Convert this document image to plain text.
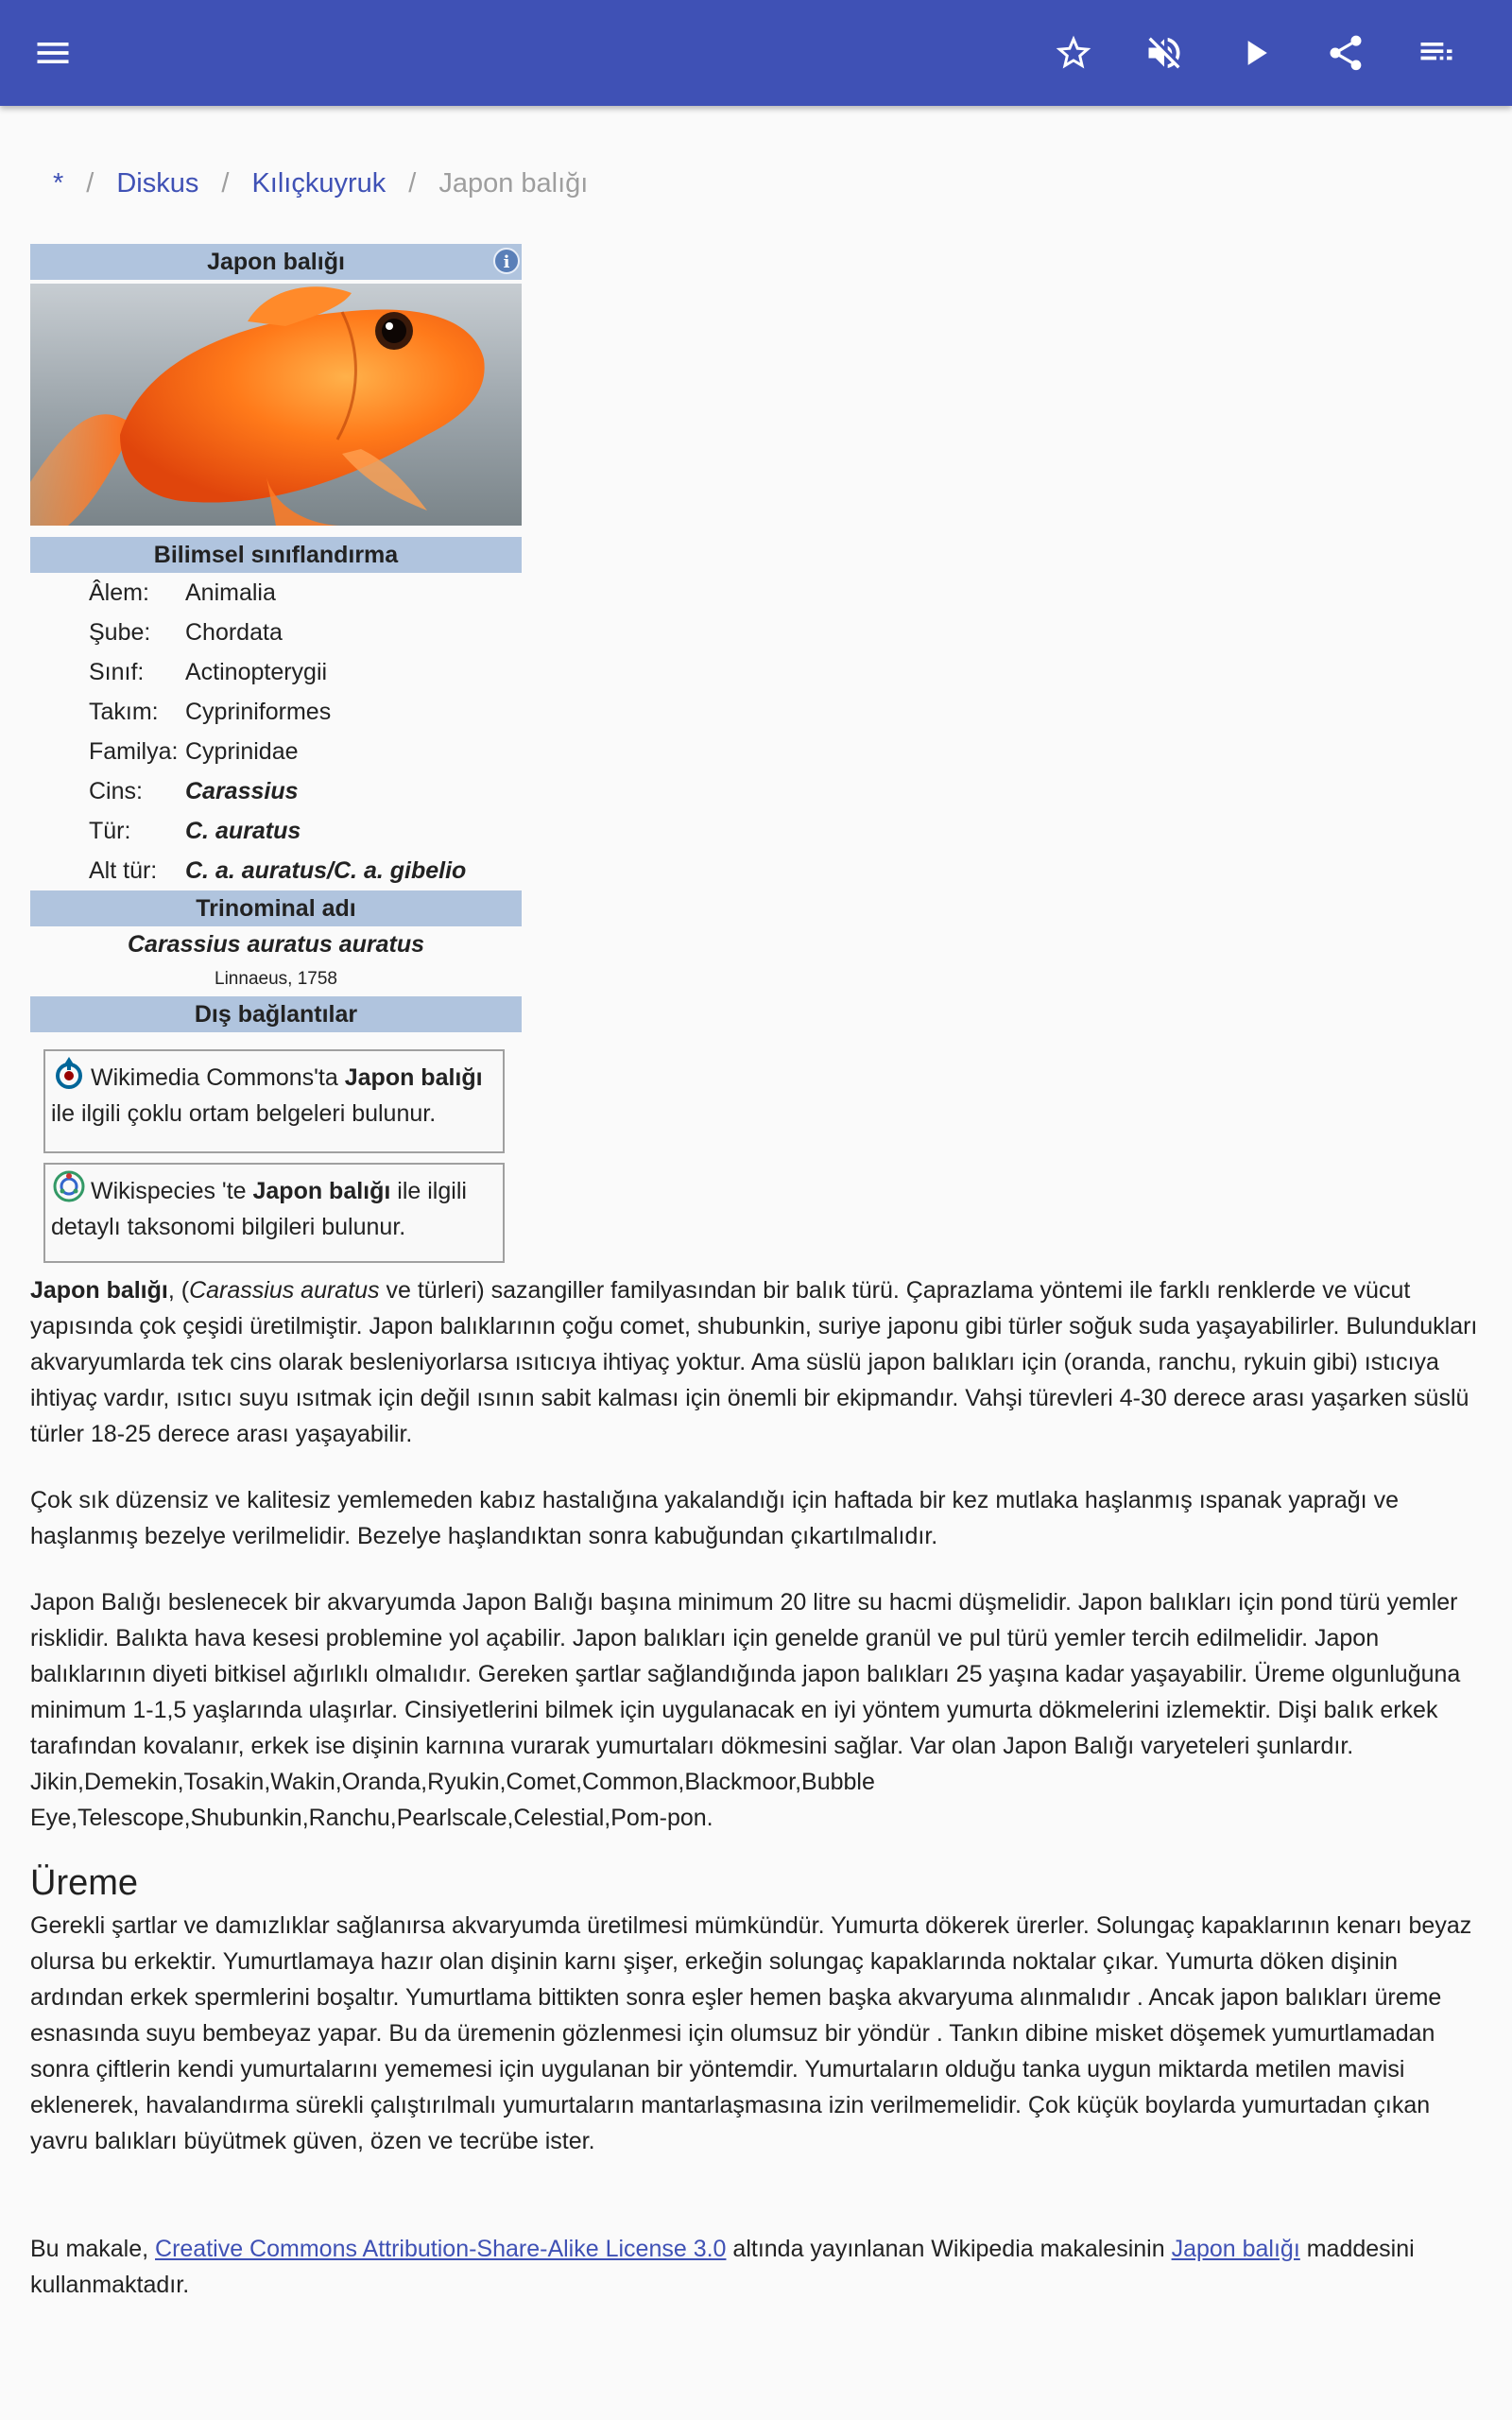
* / Diskus / Kılıçkuyruk / Japon balığı
Japon balığı	i
Bilimsel sınıflandırma
Âlem:	Animalia
Şube:	Chordata
Sınıf:	Actinopterygii
Takım:	Cypriniformes
Familya: Cyprinidae
Cins:	Carassius
Tür:	C. auratus
Alt tür:	C. a. auratus/C. a. gibelio
Trinominal adı
Carassius auratus auratus
Linnaeus, 1758
Dış bağlantılar
Wikimedia Commons'ta Japon balığı ile ilgili çoklu ortam belgeleri bulunur.
Wikispecies 'te Japon balığı ile ilgili detaylı taksonomi bilgileri bulunur.

Japon balığı, (Carassius auratus ve türleri) sazangiller familyasından bir balık türü. Çaprazlama yöntemi ile farklı renklerde ve vücut yapısında çok çeşidi üretilmiştir. Japon balıklarının çoğu comet, shubunkin, suriye japonu gibi türler soğuk suda yaşayabilirler. Bulundukları akvaryumlarda tek cins olarak besleniyorlarsa ısıtıcıya ihtiyaç yoktur. Ama süslü japon balıkları için (oranda, ranchu, rykuin gibi) ıstıcıya ihtiyaç vardır, ısıtıcı suyu ısıtmak için değil ısının sabit kalması için önemli bir ekipmandır. Vahşi türevleri 4-30 derece arası yaşarken süslü türler 18-25 derece arası yaşayabilir.

Çok sık düzensiz ve kalitesiz yemlemeden kabız hastalığına yakalandığı için haftada bir kez mutlaka haşlanmış ıspanak yaprağı ve haşlanmış bezelye verilmelidir. Bezelye haşlandıktan sonra kabuğundan çıkartılmalıdır.

Japon Balığı beslenecek bir akvaryumda Japon Balığı başına minimum 20 litre su hacmi düşmelidir. Japon balıkları için pond türü yemler risklidir. Balıkta hava kesesi problemine yol açabilir. Japon balıkları için genelde granül ve pul türü yemler tercih edilmelidir. Japon balıklarının diyeti bitkisel ağırlıklı olmalıdır. Gereken şartlar sağlandığında japon balıkları 25 yaşına kadar yaşayabilir. Üreme olgunluğuna minimum 1-1,5 yaşlarında ulaşırlar. Cinsiyetlerini bilmek için uygulanacak en iyi yöntem yumurta dökmelerini izlemektir. Dişi balık erkek tarafından kovalanır, erkek ise dişinin karnına vurarak yumurtaları dökmesini sağlar. Var olan Japon Balığı varyeteleri şunlardır. Jikin,Demekin,Tosakin,Wakin,Oranda,Ryukin,Comet,Common,Blackmoor,Bubble Eye,Telescope,Shubunkin,Ranchu,Pearlscale,Celestial,Pom-pon.

Üreme

Gerekli şartlar ve damızlıklar sağlanırsa akvaryumda üretilmesi mümkündür. Yumurta dökerek ürerler. Solungaç kapaklarının kenarı beyaz olursa bu erkektir. Yumurtlamaya hazır olan dişinin karnı şişer, erkeğin solungaç kapaklarında noktalar çıkar. Yumurta döken dişinin ardından erkek spermlerini boşaltır. Yumurtlama bittikten sonra eşler hemen başka akvaryuma alınmalıdır . Ancak japon balıkları üreme esnasında suyu bembeyaz yapar. Bu da üremenin gözlenmesi için olumsuz bir yöndür . Tankın dibine misket döşemek yumurtlamadan sonra çiftlerin kendi yumurtalarını yememesi için uygulanan bir yöntemdir. Yumurtaların olduğu tanka uygun miktarda metilen mavisi eklenerek, havalandırma sürekli çalıştırılmalı yumurtaların mantarlaşmasına izin verilmemelidir. Çok küçük boylarda yumurtadan çıkan yavru balıkları büyütmek güven, özen ve tecrübe ister.

Bu makale, Creative Commons Attribution-Share-Alike License 3.0 altında yayınlanan Wikipedia makalesinin Japon balığı maddesini kullanmaktadır.
